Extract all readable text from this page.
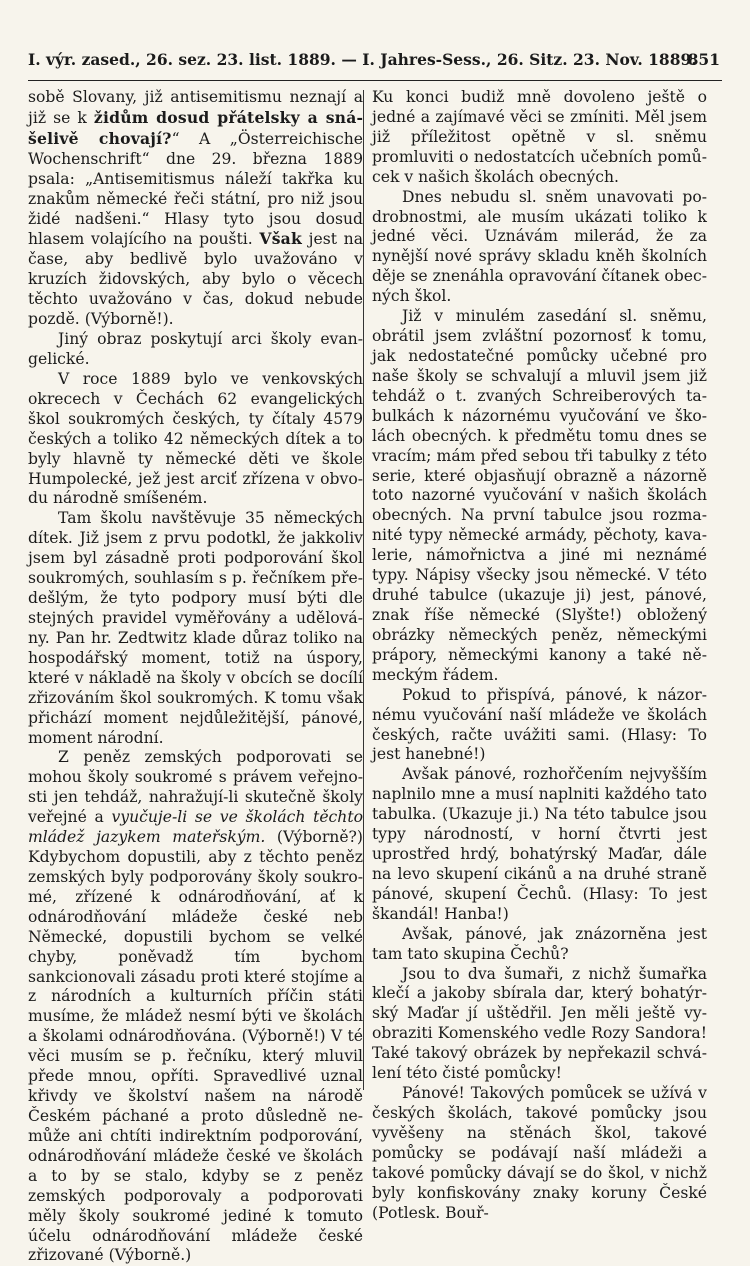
I. výr. zased., 26. sez. 23. list. 1889. — I. Jahres-Sess., 26. Sitz. 23. Nov. 1889.
851

sobě Slovany, již antisemitismu neznají a již se k židům dosud přátelsky a snášelivě chovají?“ A „Österreichische Wochenschrift“ dne 29. března 1889 psala: „Antisemitismus náleží takřka ku znakům německé řeči státní, pro niž jsou židé nadšeni.“ Hlasy tyto jsou dosud hlasem volajícího na poušti. Však jest na čase, aby bedlivě bylo uvažováno v kruzích židovských, aby bylo o věcech těchto uvažováno v čas, dokud nebude pozdě. (Výborně!).

Jiný obraz poskytují arci školy evangelické.

V roce 1889 bylo ve venkovských okrecech v Čechách 62 evangelických škol soukromých českých, ty čítaly 4579 českých a toliko 42 německých dítek a to byly hlavně ty německé děti ve škole Humpolecké, jež jest arciť zřízena v obvodu národně smíšeném.

Tam školu navštěvuje 35 německých dítek. Již jsem z prvu podotkl, že jakkoliv jsem byl zásadně proti podporování škol soukromých, souhlasím s p. řečníkem předešlým, že tyto podpory musí býti dle stejných pravidel vyměřovány a udělovány. Pan hr. Zedtwitz klade důraz toliko na hospodářský moment, totiž na úspory, které v nákladě na školy v obcích se docílí zřizováním škol soukromých. K tomu však přichází moment nejdůležitější, pánové, moment národní.

Z peněz zemských podporovati se mohou školy soukromé s právem veřejnosti jen tehdáž, nahražují-li skutečně školy veřejné a vyučuje-li se ve školách těchto mládež jazykem mateřským. (Výborně?) Kdybychom dopustili, aby z těchto peněz zemských byly podporovány školy soukromé, zřízené k odnárodňování, ať k odnárodňování mládeže české neb Německé, dopustili bychom se velké chyby, poněvadž tím bychom sankcionovali zásadu proti které stojíme a z národních a kulturních příčin státi musíme, že mládež nesmí býti ve školách a školami odnárodňována. (Výborně!) V té věci musím se p. řečníku, který mluvil přede mnou, opříti. Spravedlivé uznal křivdy ve školství našem na národě Českém páchané a proto důsledně nemůže ani chtíti indirektním podporování, odnárodňování mládeže české ve školách a to by se stalo, kdyby se z peněz zemských podporovaly a podporovati měly školy soukromé jediné k tomuto účelu odnárodňování mládeže české zřizované (Výborně.)

Ku konci budiž mně dovoleno ještě o jedné a zajímavé věci se zmíniti. Měl jsem již příležitost opětně v sl. sněmu promluviti o nedostatcích učebních pomůcek v našich školách obecných.

Dnes nebudu sl. sněm unavovati podrobnostmi, ale musím ukázati toliko k jedné věci. Uznávám milerád, že za nynější nové správy skladu kněh školních děje se znenáhla opravování čítanek obecných škol.

Již v minulém zasedání sl. sněmu, obrátil jsem zvláštní pozornosť k tomu, jak nedostatečné pomůcky učebné pro naše školy se schvalují a mluvil jsem již tehdáž o t. zvaných Schreiberových tabulkách k názornému vyučování ve školách obecných. k předmětu tomu dnes se vracím; mám před sebou tři tabulky z této serie, které objasňují obrazně a názorně toto nazorné vyučování v našich školách obecných. Na první tabulce jsou rozmanité typy německé armády, pěchoty, kavalerie, námořnictva a jiné mi neznámé typy. Nápisy všecky jsou německé. V této druhé tabulce (ukazuje ji) jest, pánové, znak říše německé (Slyšte!) obložený obrázky německých peněz, německými prápory, německými kanony a také německým řádem.

Pokud to přispívá, pánové, k názornému vyučování naší mládeže ve školách českých, račte uvážiti sami. (Hlasy: To jest hanebné!)

Avšak pánové, rozhořčením nejvyšším naplnilo mne a musí naplniti každého tato tabulka. (Ukazuje ji.) Na této tabulce jsou typy národností, v horní čtvrti jest uprostřed hrdý, bohatýrský Maďar, dále na levo skupení cikánů a na druhé straně pánové, skupení Čechů. (Hlasy: To jest škandál! Hanba!)

Avšak, pánové, jak znázorněna jest tam tato skupina Čechů?

Jsou to dva šumaři, z nichž šumařka klečí a jakoby sbírala dar, který bohatýrský Maďar jí uštědřil. Jen měli ještě vyobraziti Komenského vedle Rozy Sandora! Také takový obrázek by nepřekazil schválení této čisté pomůcky!

Pánové! Takových pomůcek se užívá v českých školách, takové pomůcky jsou vyvěšeny na stěnách škol, takové pomůcky se podávají naší mládeži a takové pomůcky dávají se do škol, v nichž byly konfiskovány znaky koruny České (Potlesk. Bouř-
